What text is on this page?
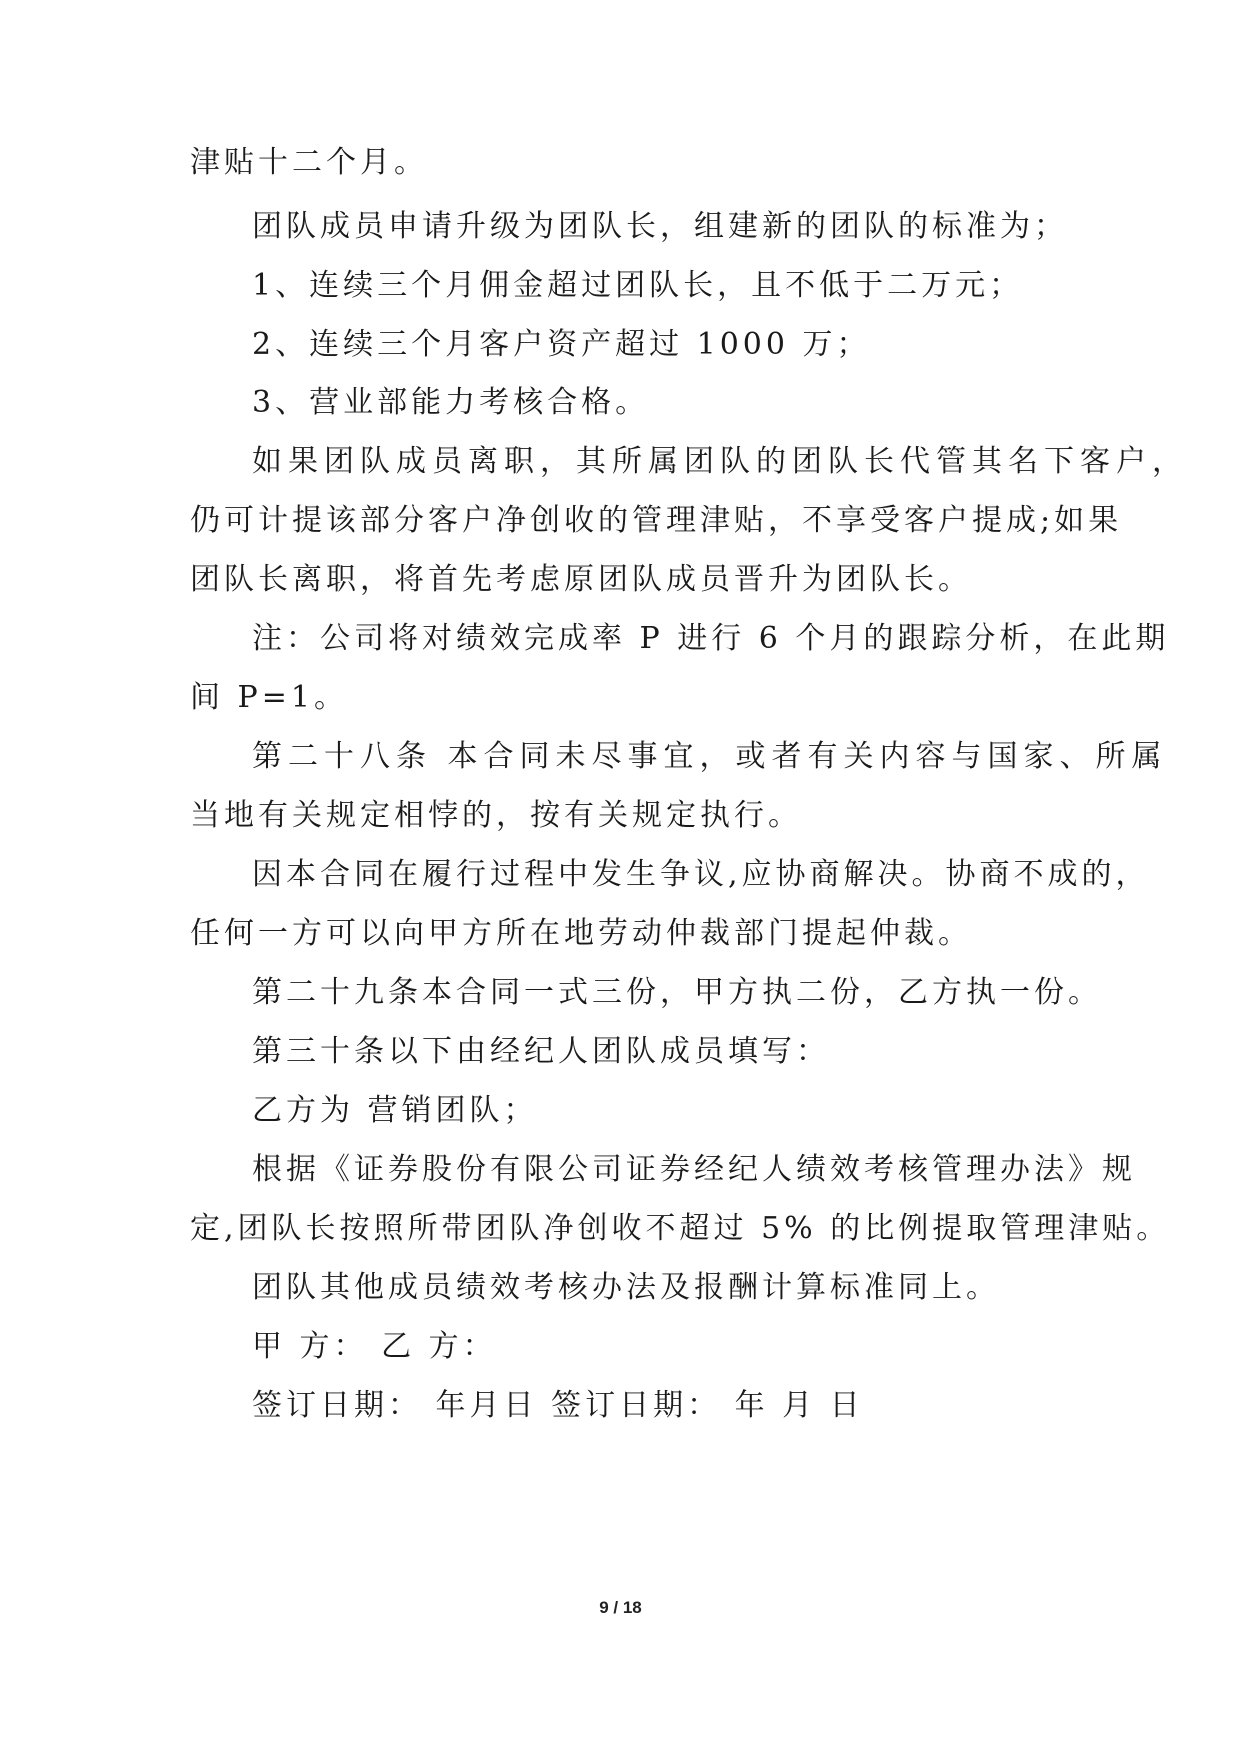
津贴十二个月。
团队成员申请升级为团队长，组建新的团队的标准为；
1、连续三个月佣金超过团队长，且不低于二万元；
2、连续三个月客户资产超过 1000 万；
3、营业部能力考核合格。
如果团队成员离职，其所属团队的团队长代管其名下客户，
仍可计提该部分客户净创收的管理津贴，不享受客户提成;如果
团队长离职，将首先考虑原团队成员晋升为团队长。
注：公司将对绩效完成率 P 进行 6 个月的跟踪分析，在此期
间 P=1。
第二十八条 本合同未尽事宜，或者有关内容与国家、所属
当地有关规定相悖的，按有关规定执行。
因本合同在履行过程中发生争议,应协商解决。协商不成的，
任何一方可以向甲方所在地劳动仲裁部门提起仲裁。
第二十九条本合同一式三份，甲方执二份，乙方执一份。
第三十条以下由经纪人团队成员填写：
乙方为 营销团队；
根据《证券股份有限公司证券经纪人绩效考核管理办法》规
定,团队长按照所带团队净创收不超过 5% 的比例提取管理津贴。
团队其他成员绩效考核办法及报酬计算标准同上。
甲 方： 乙 方：
签订日期： 年月日 签订日期： 年 月 日
9 / 18
